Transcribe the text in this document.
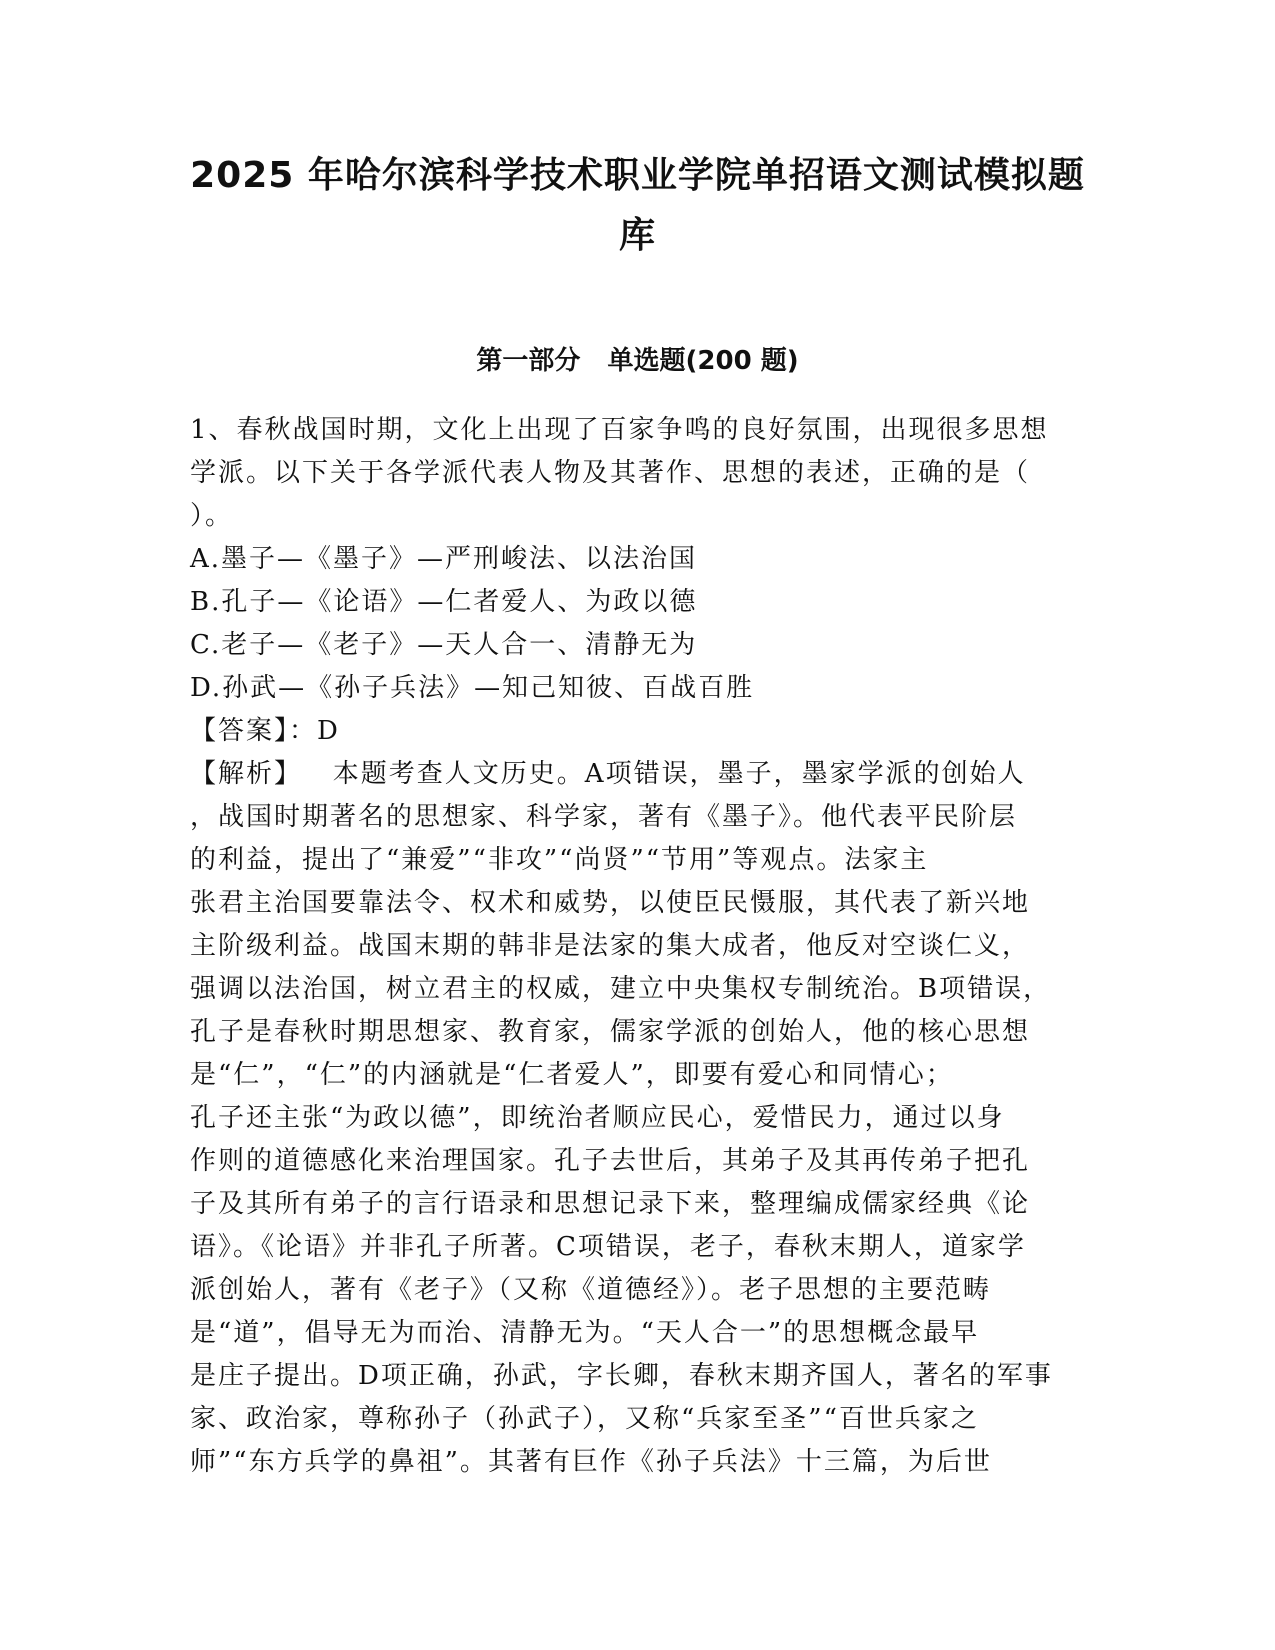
2025 年哈尔滨科学技术职业学院单招语文测试模拟题
库
第一部分   单选题(200 题)
1、春秋战国时期，文化上出现了百家争鸣的良好氛围，出现很多思想
学派。以下关于各学派代表人物及其著作、思想的表述，正确的是（
）。
A.墨子—《墨子》—严刑峻法、以法治国
B.孔子—《论语》—仁者爱人、为政以德
C.老子—《老子》—天人合一、清静无为
D.孙武—《孙子兵法》—知己知彼、百战百胜
【答案】：D
【解析】   本题考查人文历史。A项错误，墨子，墨家学派的创始人
，战国时期著名的思想家、科学家，著有《墨子》。他代表平民阶层
的利益，提出了“兼爱”“非攻”“尚贤”“节用”等观点。法家主
张君主治国要靠法令、权术和威势，以使臣民慑服，其代表了新兴地
主阶级利益。战国末期的韩非是法家的集大成者，他反对空谈仁义，
强调以法治国，树立君主的权威，建立中央集权专制统治。B项错误，
孔子是春秋时期思想家、教育家，儒家学派的创始人，他的核心思想
是“仁”，“仁”的内涵就是“仁者爱人”，即要有爱心和同情心；
孔子还主张“为政以德”，即统治者顺应民心，爱惜民力，通过以身
作则的道德感化来治理国家。孔子去世后，其弟子及其再传弟子把孔
子及其所有弟子的言行语录和思想记录下来，整理编成儒家经典《论
语》。《论语》并非孔子所著。C项错误，老子，春秋末期人，道家学
派创始人，著有《老子》（又称《道德经》）。老子思想的主要范畴
是“道”，倡导无为而治、清静无为。“天人合一”的思想概念最早
是庄子提出。D项正确，孙武，字长卿，春秋末期齐国人，著名的军事
家、政治家，尊称孙子（孙武子），又称“兵家至圣”“百世兵家之
师”“东方兵学的鼻祖”。其著有巨作《孙子兵法》十三篇，为后世
